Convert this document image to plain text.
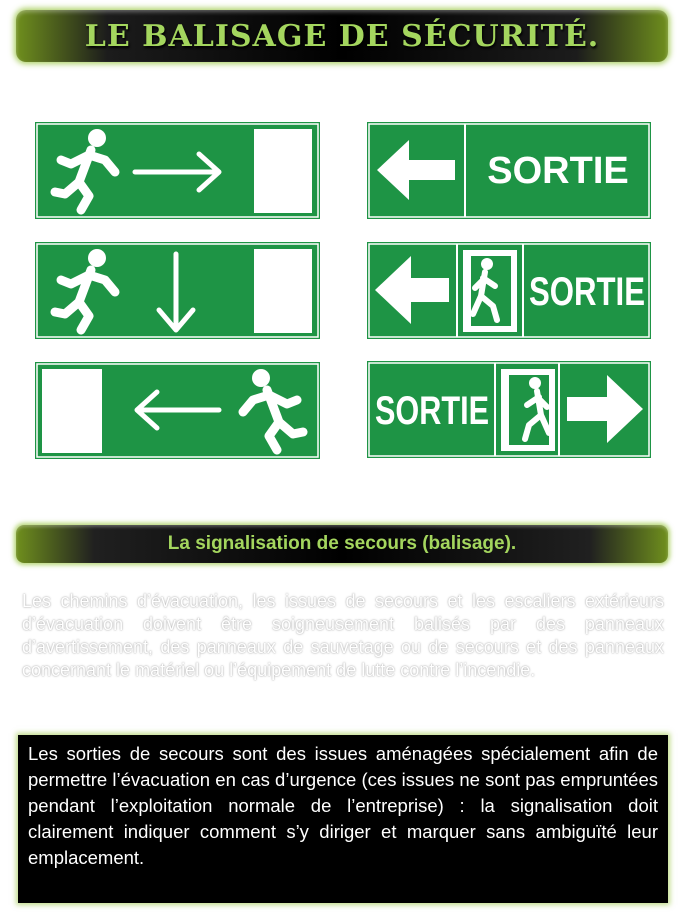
LE BALISAGE DE SÉCURITÉ.
SORTIE
SORTIE
SORTIE
La signalisation de secours (balisage).

Les chemins d’évacuation, les issues de secours et les escaliers extérieurs d’évacuation doivent être soigneusement balisés par des panneaux d’avertissement, des panneaux de sauvetage ou de secours et des panneaux concernant le matériel ou l’équipement de lutte contre l’incendie.

Les sorties de secours sont des issues aménagées spécialement afin de permettre l’évacuation en cas d’urgence (ces issues ne sont pas empruntées pendant l’exploitation normale de l’entreprise) : la signalisation doit clairement indiquer comment s’y diriger et marquer sans ambiguïté leur emplacement.
